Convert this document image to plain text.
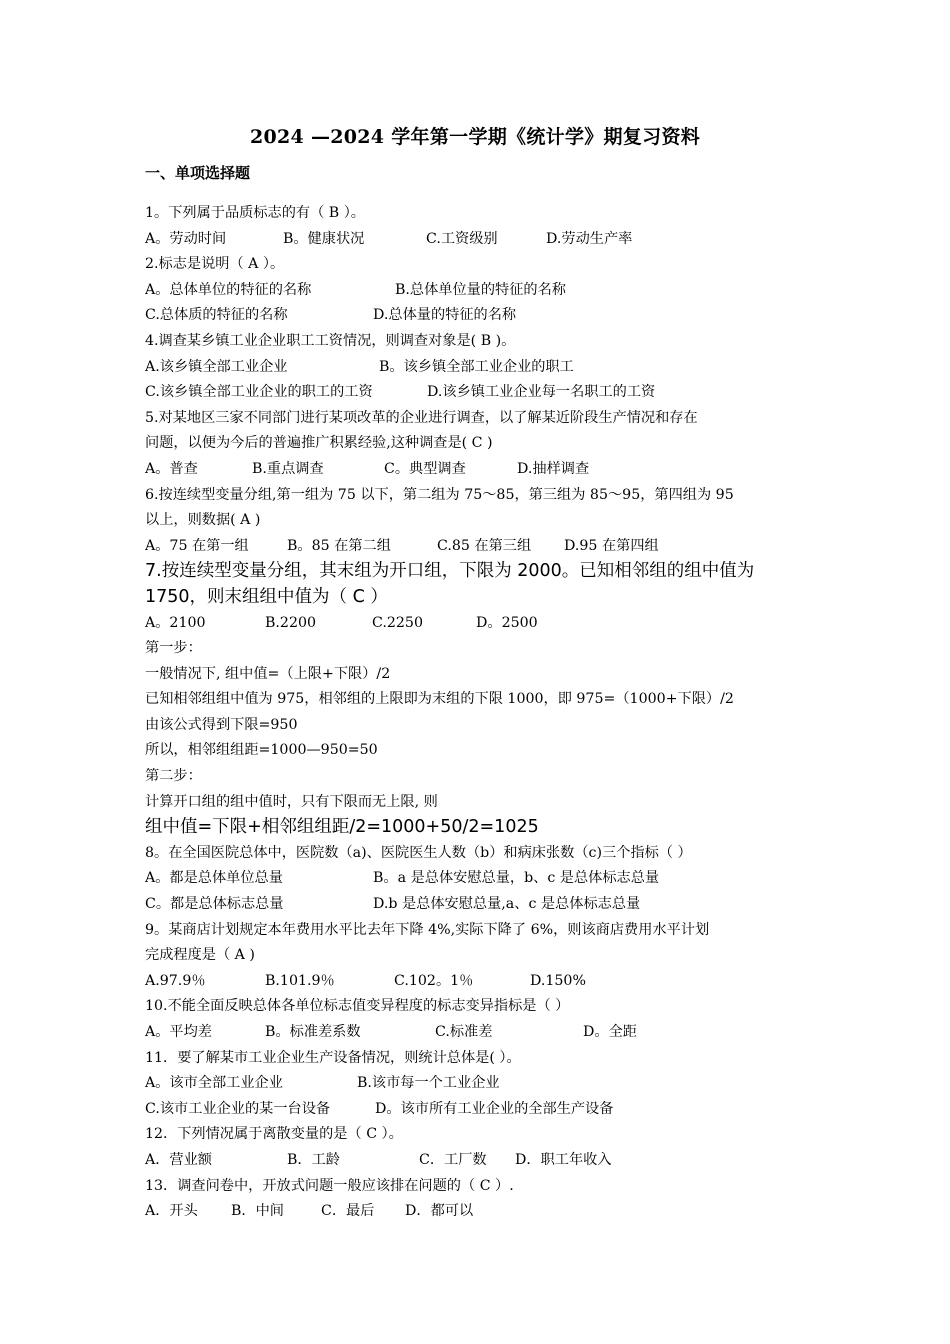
2024 —2024 学年第一学期《统计学》期复习资料
一、单项选择题
1。下列属于品质标志的有（ B ）。
A。劳动时间	B。健康状况	C.工资级别	D.劳动生产率
2.标志是说明（ A ）。
A。总体单位的特征的名称	B.总体单位量的特征的名称
C.总体质的特征的名称	D.总体量的特征的名称
4.调查某乡镇工业企业职工工资情况，则调查对象是( B )。
A.该乡镇全部工业企业	B。该乡镇全部工业企业的职工
C.该乡镇全部工业企业的职工的工资	D.该乡镇工业企业每一名职工的工资
5.对某地区三家不同部门进行某项改革的企业进行调查，以了解某近阶段生产情况和存在
问题，以便为今后的普遍推广积累经验,这种调查是( C )
A。普查	B.重点调查	C。典型调查	D.抽样调查
6.按连续型变量分组,第一组为 75 以下，第二组为 75～85，第三组为 85～95，第四组为 95
以上，则数据( A )
A。75 在第一组	B。85 在第二组	C.85 在第三组 D.95 在第四组
7.按连续型变量分组，其末组为开口组，下限为 2000。已知相邻组的组中值为
1750，则末组组中值为（ C ）
A。2100	B.2200	C.2250	D。2500
第一步：
一般情况下, 组中值=（上限+下限）/2
已知相邻组组中值为 975，相邻组的上限即为末组的下限 1000，即 975=（1000+下限）/2
由该公式得到下限=950
所以，相邻组组距=1000—950=50
第二步：
计算开口组的组中值时，只有下限而无上限, 则
组中值=下限+相邻组组距/2=1000+50/2=1025
8。在全国医院总体中，医院数（a)、医院医生人数（b）和病床张数（c)三个指标（ ）
A。都是总体单位总量	B。a 是总体安慰总量，b、c 是总体标志总量
C。都是总体标志总量	D.b 是总体安慰总量,a、c 是总体标志总量
9。某商店计划规定本年费用水平比去年下降 4%,实际下降了 6%，则该商店费用水平计划
完成程度是（ A )
A.97.9％	B.101.9％	C.102。1％	D.150%
10.不能全面反映总体各单位标志值变异程度的标志变异指标是（ ）
A。平均差	B。标准差系数	C.标准差	D。全距
11．要了解某市工业企业生产设备情况，则统计总体是( ）。
A。该市全部工业企业	B.该市每一个工业企业
C.该市工业企业的某一台设备	D。该市所有工业企业的全部生产设备
12．下列情况属于离散变量的是（ C ）。
A．营业额	B．工龄	C．工厂数 D．职工年收入
13．调查问卷中，开放式问题一般应该排在问题的（ C ）.
A．开头 B．中间	C．最后 D．都可以
